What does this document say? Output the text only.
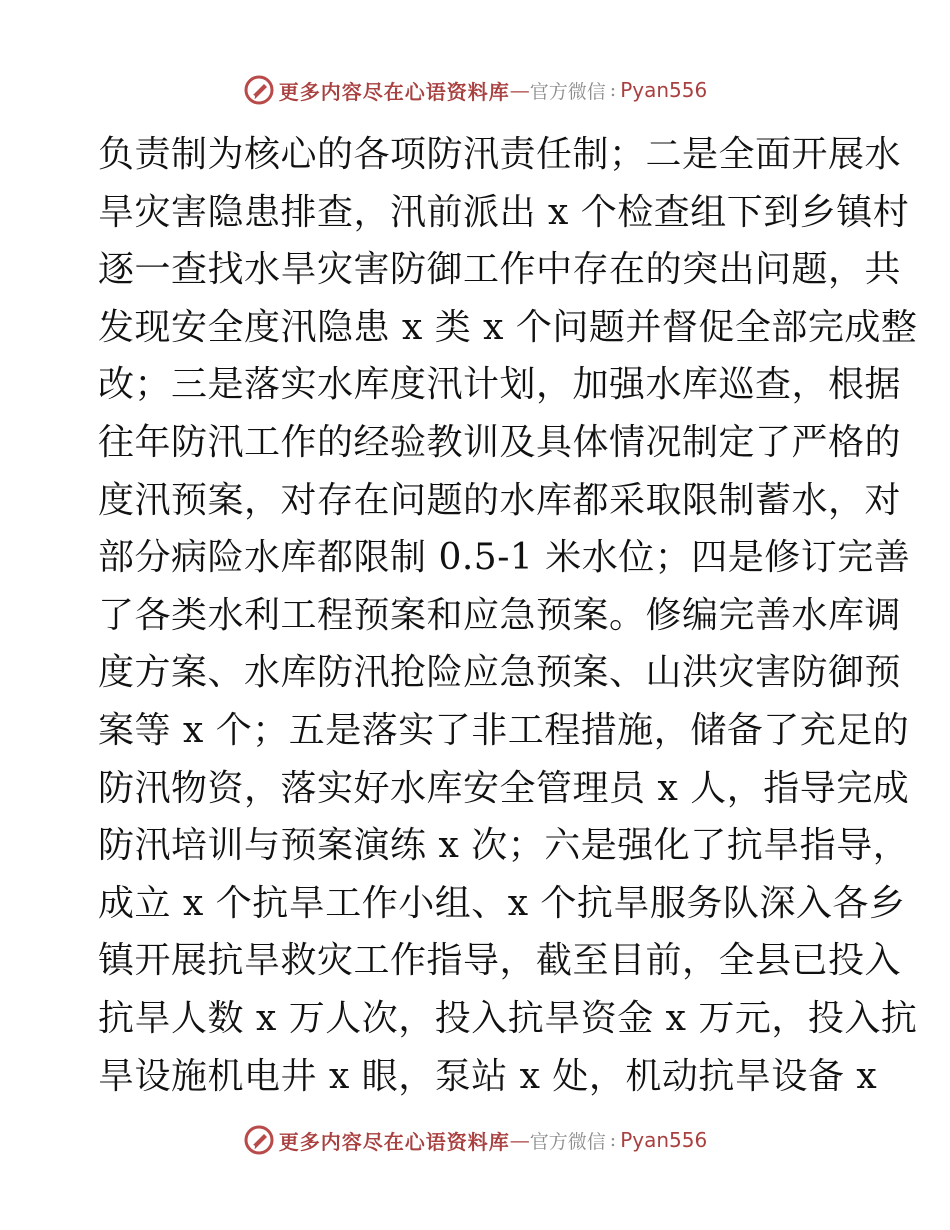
更多内容尽在心语资料库 — 官方微信 : Pyan556
负责制为核心的各项防汛责任制；二是全面开展水
旱灾害隐患排查，汛前派出 x 个检查组下到乡镇村
逐一查找水旱灾害防御工作中存在的突出问题，共
发现安全度汛隐患 x 类 x 个问题并督促全部完成整
改；三是落实水库度汛计划，加强水库巡查，根据
往年防汛工作的经验教训及具体情况制定了严格的
度汛预案，对存在问题的水库都采取限制蓄水，对
部分病险水库都限制 0.5-1 米水位；四是修订完善
了各类水利工程预案和应急预案。修编完善水库调
度方案、水库防汛抢险应急预案、山洪灾害防御预
案等 x 个；五是落实了非工程措施，储备了充足的
防汛物资，落实好水库安全管理员 x 人，指导完成
防汛培训与预案演练 x 次；六是强化了抗旱指导，
成立 x 个抗旱工作小组、x 个抗旱服务队深入各乡
镇开展抗旱救灾工作指导，截至目前，全县已投入
抗旱人数 x 万人次，投入抗旱资金 x 万元，投入抗
旱设施机电井 x 眼，泵站 x 处，机动抗旱设备 x
更多内容尽在心语资料库 — 官方微信 : Pyan556
